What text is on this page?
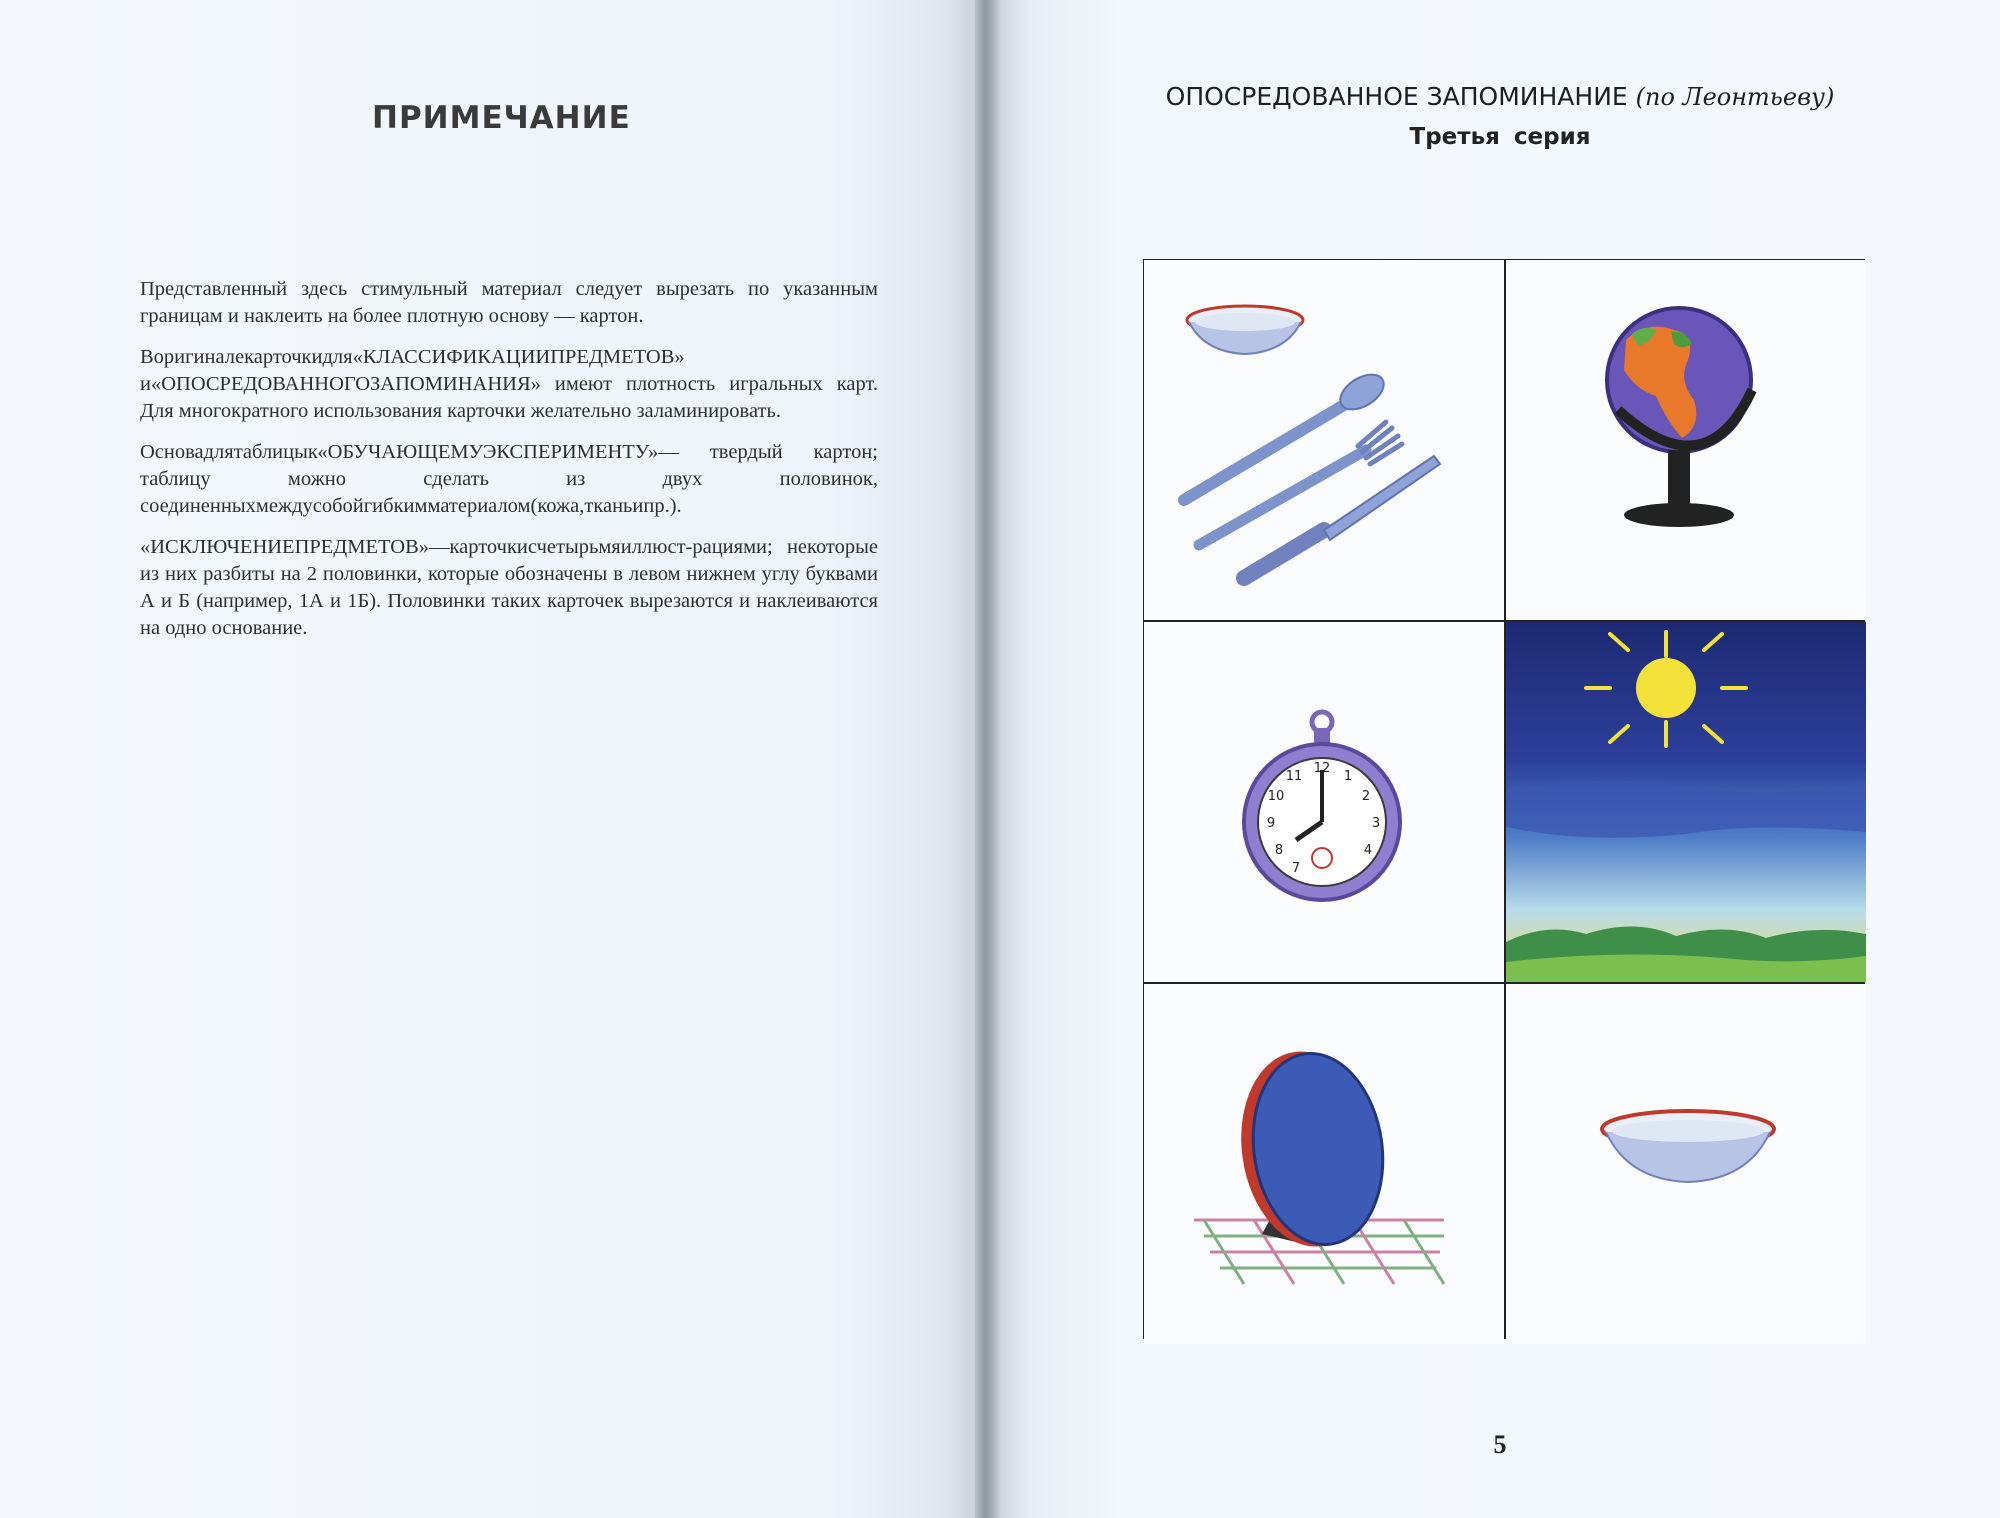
ПРИМЕЧАНИЕ

Представленный здесь стимульный материал следует вырезать по указанным границам и наклеить на более плотную основу — картон.

Воригиналекарточкидля«КЛАССИФИКАЦИИПРЕДМЕТОВ» и«ОПОСРЕДОВАННОГОЗАПОМИНАНИЯ» имеют плотность игральных карт. Для многократного использования карточки желательно заламинировать.

Основадлятаблицык«ОБУЧАЮЩЕМУЭКСПЕРИМЕНТУ»— твердый картон; таблицу можно сделать из двух половинок, соединенныхмеждусобойгибкимматериалом(кожа,тканьипр.).

«ИСКЛЮЧЕНИЕПРЕДМЕТОВ»—карточкисчетырьмяиллюст-рациями; некоторые из них разбиты на 2 половинки, которые обозначены в левом нижнем углу буквами А и Б (например, 1А и 1Б). Половинки таких карточек вырезаются и наклеиваются на одно основание.

ОПОСРЕДОВАННОЕ ЗАПОМИНАНИЕ (по Леонтьеву)
Третья серия
12
1
2
3
4
9
10
11
8
7
5
